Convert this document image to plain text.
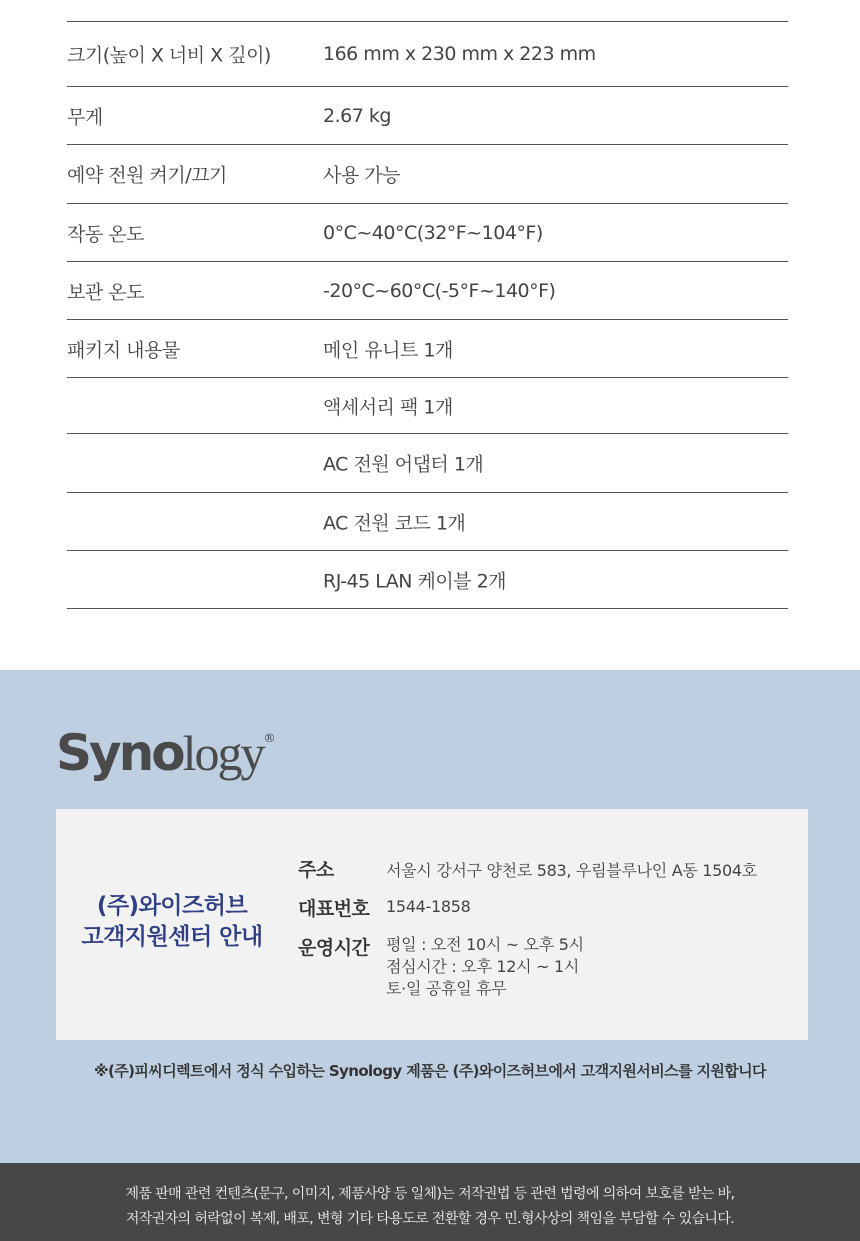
크기(높이 X 너비 X 깊이)	166 mm x 230 mm x 223 mm
무게	2.67 kg
예약 전원 켜기/끄기	사용 가능
작동 온도	0°C~40°C(32°F~104°F)
보관 온도	-20°C~60°C(-5°F~140°F)
패키지 내용물	메인 유니트 1개
액세서리 팩 1개
AC 전원 어댑터 1개
AC 전원 코드 1개
RJ-45 LAN 케이블 2개
Synology®
(주)와이즈허브
고객지원센터 안내
주소	서울시 강서구 양천로 583, 우림블루나인 A동 1504호
대표번호 1544-1858
운영시간 평일 : 오전 10시 ~ 오후 5시
점심시간 : 오후 12시 ~ 1시
토·일 공휴일 휴무
※(주)피씨디렉트에서 정식 수입하는 Synology 제품은 (주)와이즈허브에서 고객지원서비스를 지원합니다
제품 판매 관련 컨텐츠(문구, 이미지, 제품사양 등 일체)는 저작권법 등 관련 법령에 의하여 보호를 받는 바,
저작권자의 허락없이 복제, 배포, 변형 기타 타용도로 전환할 경우 민.형사상의 책임을 부담할 수 있습니다.
